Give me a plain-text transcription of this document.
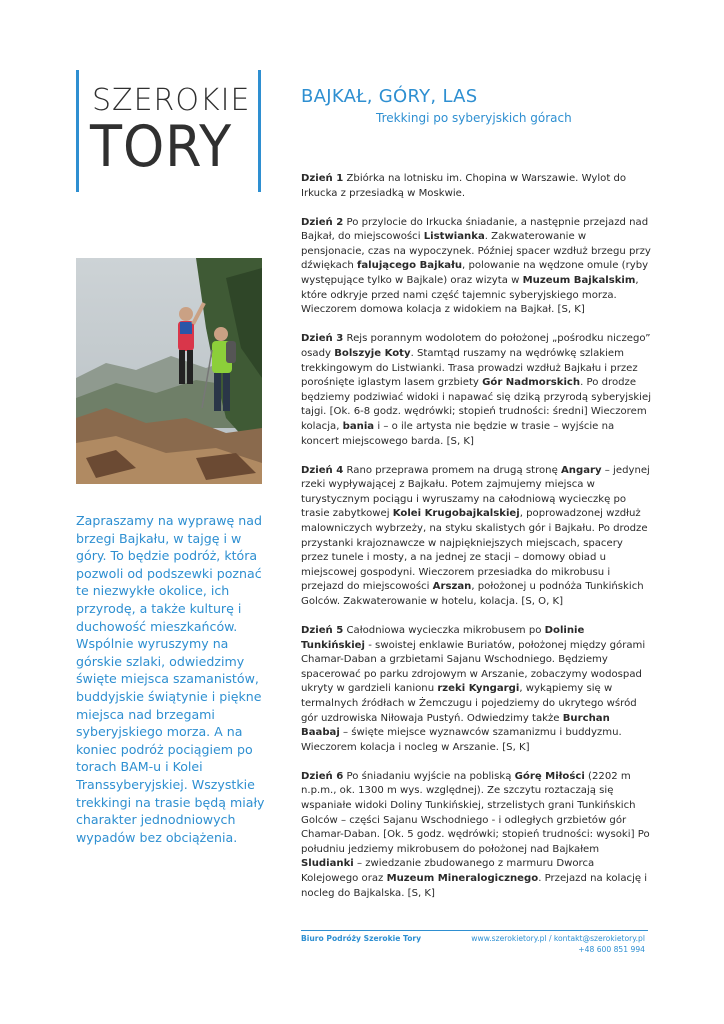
SZEROKIE
TORY
BAJKAŁ, GÓRY, LAS
Trekkingi po syberyjskich górach
Zapraszamy na wyprawę nad brzegi Bajkału, w tajgę i w góry. To będzie podróż, która pozwoli od podszewki poznać te niezwykłe okolice, ich przyrodę, a także kulturę i duchowość mieszkańców. Wspólnie wyruszymy na górskie szlaki, odwiedzimy święte miejsca szamanistów, buddyjskie świątynie i piękne miejsca nad brzegami syberyjskiego morza. A na koniec podróż pociągiem po torach BAM-u i Kolei Transsyberyjskiej. Wszystkie trekkingi na trasie będą miały charakter jednodniowych wypadów bez obciążenia.

Dzień 1 Zbiórka na lotnisku im. Chopina w Warszawie. Wylot do Irkucka z przesiadką w Moskwie.

Dzień 2 Po przylocie do Irkucka śniadanie, a następnie przejazd nad Bajkał, do miejscowości Listwianka. Zakwaterowanie w pensjonacie, czas na wypoczynek. Później spacer wzdłuż brzegu przy dźwiękach falującego Bajkału, polowanie na wędzone omule (ryby występujące tylko w Bajkale) oraz wizyta w Muzeum Bajkalskim, które odkryje przed nami część tajemnic syberyjskiego morza. Wieczorem domowa kolacja z widokiem na Bajkał. [S, K]

Dzień 3 Rejs porannym wodolotem do położonej „pośrodku niczego” osady Bolszyje Koty. Stamtąd ruszamy na wędrówkę szlakiem trekkingowym do Listwianki. Trasa prowadzi wzdłuż Bajkału i przez porośnięte iglastym lasem grzbiety Gór Nadmorskich. Po drodze będziemy podziwiać widoki i napawać się dziką przyrodą syberyjskiej tajgi. [Ok. 6-8 godz. wędrówki; stopień trudności: średni] Wieczorem kolacja, bania i – o ile artysta nie będzie w trasie – wyjście na koncert miejscowego barda. [S, K]

Dzień 4 Rano przeprawa promem na drugą stronę Angary – jedynej rzeki wypływającej z Bajkału. Potem zajmujemy miejsca w turystycznym pociągu i wyruszamy na całodniową wycieczkę po trasie zabytkowej Kolei Krugobajkalskiej, poprowadzonej wzdłuż malowniczych wybrzeży, na styku skalistych gór i Bajkału. Po drodze przystanki krajoznawcze w najpiękniejszych miejscach, spacery przez tunele i mosty, a na jednej ze stacji – domowy obiad u miejscowej gospodyni. Wieczorem przesiadka do mikrobusu i przejazd do miejscowości Arszan, położonej u podnóża Tunkińskich Golców. Zakwaterowanie w hotelu, kolacja. [S, O, K]

Dzień 5 Całodniowa wycieczka mikrobusem po Dolinie Tunkińskiej - swoistej enklawie Buriatów, położonej między górami Chamar-Daban a grzbietami Sajanu Wschodniego. Będziemy spacerować po parku zdrojowym w Arszanie, zobaczymy wodospad ukryty w gardzieli kanionu rzeki Kyngargi, wykąpiemy się w termalnych źródłach w Żemczugu i pojedziemy do ukrytego wśród gór uzdrowiska Niłowaja Pustyń. Odwiedzimy także Burchan Baabaj – święte miejsce wyznawców szamanizmu i buddyzmu. Wieczorem kolacja i nocleg w Arszanie. [S, K]

Dzień 6 Po śniadaniu wyjście na pobliską Górę Miłości (2202 m n.p.m., ok. 1300 m wys. względnej). Ze szczytu roztaczają się wspaniałe widoki Doliny Tunkińskiej, strzelistych grani Tunkińskich Golców – części Sajanu Wschodniego - i odległych grzbietów gór Chamar-Daban. [Ok. 5 godz. wędrówki; stopień trudności: wysoki] Po południu jedziemy mikrobusem do położonej nad Bajkałem Sludianki – zwiedzanie zbudowanego z marmuru Dworca Kolejowego oraz Muzeum Mineralogicznego. Przejazd na kolację i nocleg do Bajkalska. [S, K]

Biuro Podróży Szerokie Tory	www.szerokietory.pl / kontakt@szerokietory.pl
+48 600 851 994
